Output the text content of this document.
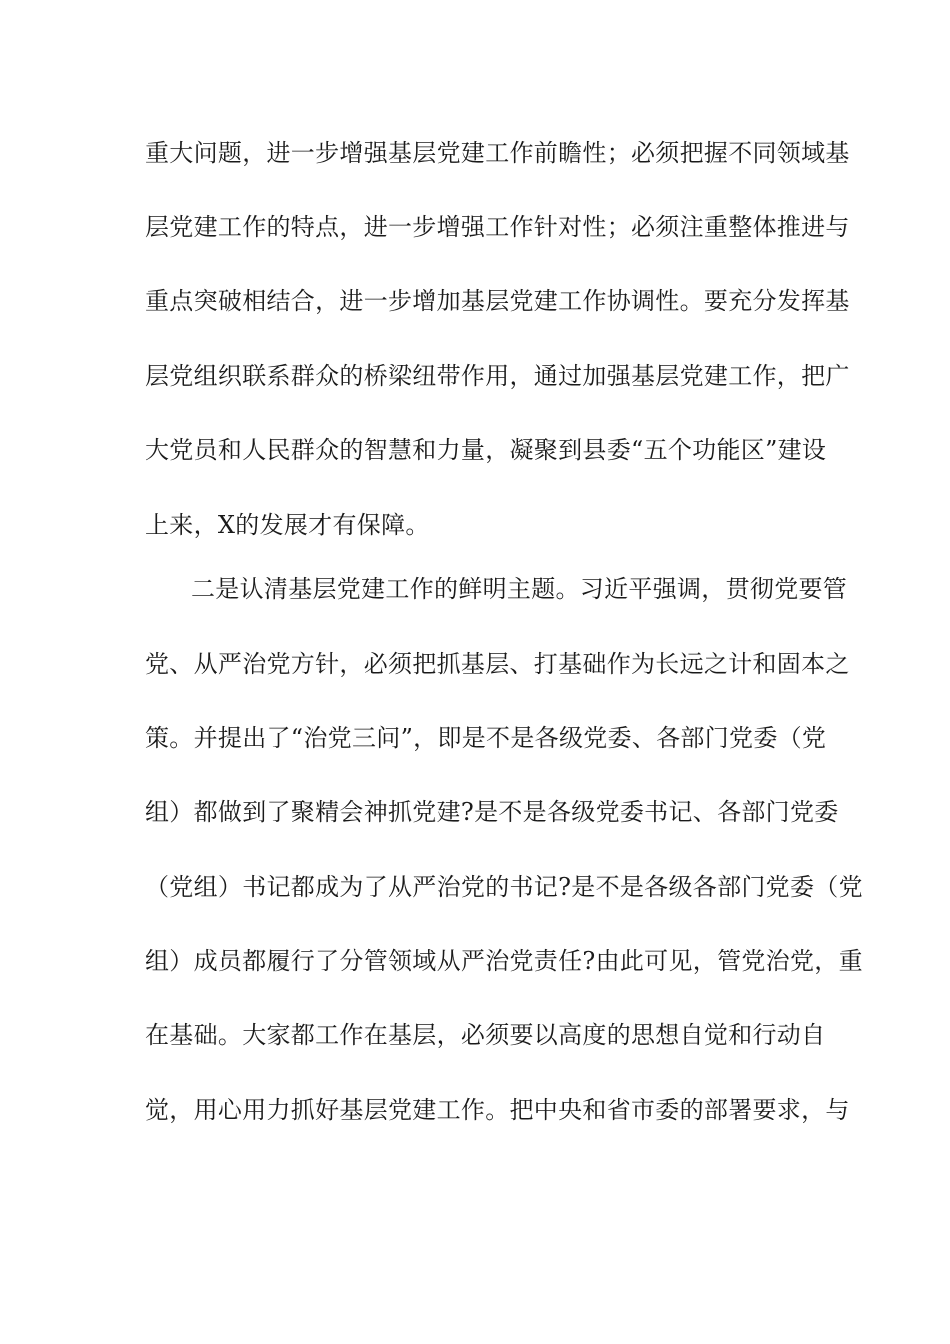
重大问题，进一步增强基层党建工作前瞻性；必须把握不同领域基
层党建工作的特点，进一步增强工作针对性；必须注重整体推进与
重点突破相结合，进一步增加基层党建工作协调性。要充分发挥基
层党组织联系群众的桥梁纽带作用，通过加强基层党建工作，把广
大党员和人民群众的智慧和力量，凝聚到县委“五个功能区”建设
上来，X的发展才有保障。
二是认清基层党建工作的鲜明主题。习近平强调，贯彻党要管
党、从严治党方针，必须把抓基层、打基础作为长远之计和固本之
策。并提出了“治党三问”，即是不是各级党委、各部门党委（党
组）都做到了聚精会神抓党建?是不是各级党委书记、各部门党委
（党组）书记都成为了从严治党的书记?是不是各级各部门党委（党
组）成员都履行了分管领域从严治党责任?由此可见，管党治党，重
在基础。大家都工作在基层，必须要以高度的思想自觉和行动自
觉，用心用力抓好基层党建工作。把中央和省市委的部署要求，与
